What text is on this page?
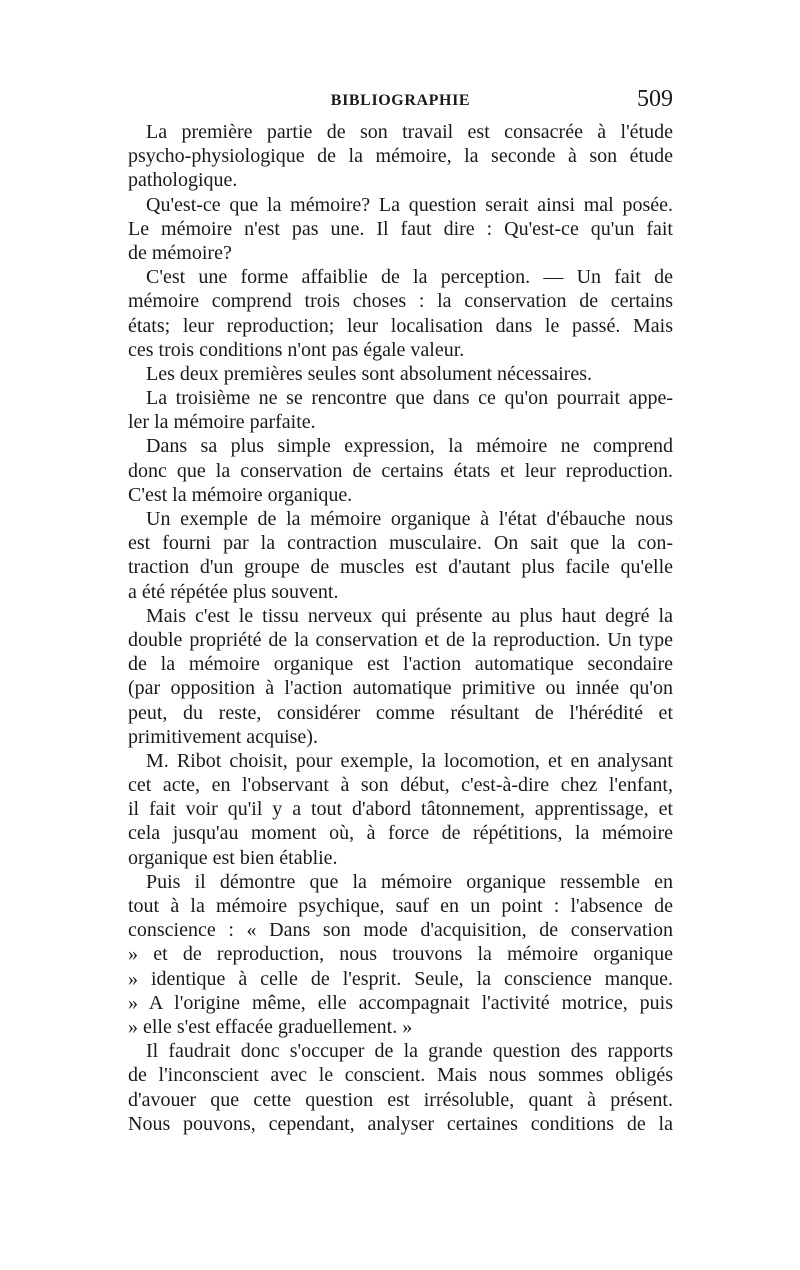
BIBLIOGRAPHIE	509
La première partie de son travail est consacrée à l'étude
psycho-physiologique de la mémoire, la seconde à son étude
pathologique.
Qu'est-ce que la mémoire? La question serait ainsi mal posée.
Le mémoire n'est pas une. Il faut dire : Qu'est-ce qu'un fait
de mémoire?
C'est une forme affaiblie de la perception. — Un fait de
mémoire comprend trois choses : la conservation de certains
états; leur reproduction; leur localisation dans le passé. Mais
ces trois conditions n'ont pas égale valeur.
Les deux premières seules sont absolument nécessaires.
La troisième ne se rencontre que dans ce qu'on pourrait appe-
ler la mémoire parfaite.
Dans sa plus simple expression, la mémoire ne comprend
donc que la conservation de certains états et leur reproduction.
C'est la mémoire organique.
Un exemple de la mémoire organique à l'état d'ébauche nous
est fourni par la contraction musculaire. On sait que la con-
traction d'un groupe de muscles est d'autant plus facile qu'elle
a été répétée plus souvent.
Mais c'est le tissu nerveux qui présente au plus haut degré la
double propriété de la conservation et de la reproduction. Un type
de la mémoire organique est l'action automatique secondaire
(par opposition à l'action automatique primitive ou innée qu'on
peut, du reste, considérer comme résultant de l'hérédité et
primitivement acquise).
M. Ribot choisit, pour exemple, la locomotion, et en analysant
cet acte, en l'observant à son début, c'est-à-dire chez l'enfant,
il fait voir qu'il y a tout d'abord tâtonnement, apprentissage, et
cela jusqu'au moment où, à force de répétitions, la mémoire
organique est bien établie.
Puis il démontre que la mémoire organique ressemble en
tout à la mémoire psychique, sauf en un point : l'absence de
conscience : « Dans son mode d'acquisition, de conservation
» et de reproduction, nous trouvons la mémoire organique
» identique à celle de l'esprit. Seule, la conscience manque.
» A l'origine même, elle accompagnait l'activité motrice, puis
» elle s'est effacée graduellement. »
Il faudrait donc s'occuper de la grande question des rapports
de l'inconscient avec le conscient. Mais nous sommes obligés
d'avouer que cette question est irrésoluble, quant à présent.
Nous pouvons, cependant, analyser certaines conditions de la
